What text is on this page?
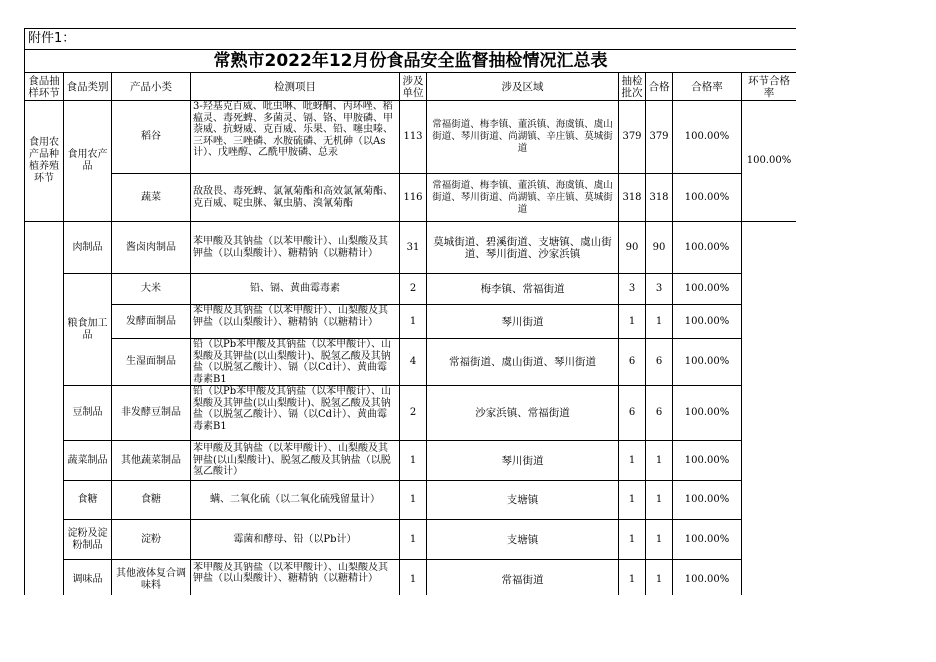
附件1：									
常熟市2022年12月份食品安全监督抽检情况汇总表									
食品抽样环节	食品类别	产品小类	检测项目	涉及单位	涉及区域	抽检批次	合格	合格率	环节合格率
食用农产品种植养殖环节	食用农产品	稻谷	3-羟基克百威、吡虫啉、吡蚜酮、丙环唑、稻瘟灵、毒死蜱、多菌灵、镉、铬、甲胺磷、甲萘威、抗蚜威、克百威、乐果、铅、噻虫嗪、三环唑、三唑磷、水胺硫磷、无机砷（以As计）、戊唑醇、乙酰甲胺磷、总汞	113	常福街道、梅李镇、董浜镇、海虞镇、虞山街道、琴川街道、尚湖镇、辛庄镇、莫城街道	379	379	100.00%	100.00%
		蔬菜	敌敌畏、毒死蜱、氯氰菊酯和高效氯氰菊酯、克百威、啶虫脒、氟虫腈、溴氰菊酯	116	常福街道、梅李镇、董浜镇、海虞镇、虞山街道、琴川街道、尚湖镇、辛庄镇、莫城街道	318	318	100.00%	
	肉制品	酱卤肉制品	苯甲酸及其钠盐（以苯甲酸计）、山梨酸及其钾盐（以山梨酸计）、糖精钠（以糖精计）	31	莫城街道、碧溪街道、支塘镇、虞山街道、琴川街道、沙家浜镇	90	90	100.00%	
	粮食加工品	大米	铅、镉、黄曲霉毒素	2	梅李镇、常福街道	3	3	100.00%	
		发酵面制品	苯甲酸及其钠盐（以苯甲酸计）、山梨酸及其钾盐（以山梨酸计）、糖精钠（以糖精计）	1	琴川街道	1	1	100.00%	
		生湿面制品	铅（以Pb苯甲酸及其钠盐（以苯甲酸计）、山梨酸及其钾盐(以山梨酸计)、脱氢乙酸及其钠盐（以脱氢乙酸计）、镉（以Cd计）、黄曲霉毒素B1	4	常福街道、虞山街道、琴川街道	6	6	100.00%	
	豆制品	非发酵豆制品	铅（以Pb苯甲酸及其钠盐（以苯甲酸计）、山梨酸及其钾盐(以山梨酸计)、脱氢乙酸及其钠盐（以脱氢乙酸计）、镉（以Cd计）、黄曲霉毒素B1	2	沙家浜镇、常福街道	6	6	100.00%	
	蔬菜制品	其他蔬菜制品	苯甲酸及其钠盐（以苯甲酸计）、山梨酸及其钾盐(以山梨酸计)、脱氢乙酸及其钠盐（以脱氢乙酸计）	1	琴川街道	1	1	100.00%	
	食糖	食糖	螨、二氧化硫（以二氧化硫残留量计）	1	支塘镇	1	1	100.00%	
	淀粉及淀粉制品	淀粉	霉菌和酵母、铅（以Pb计）	1	支塘镇	1	1	100.00%	
	调味品	其他液体复合调味料	苯甲酸及其钠盐（以苯甲酸计）、山梨酸及其钾盐（以山梨酸计）、糖精钠（以糖精计）	1	常福街道	1	1	100.00%	
